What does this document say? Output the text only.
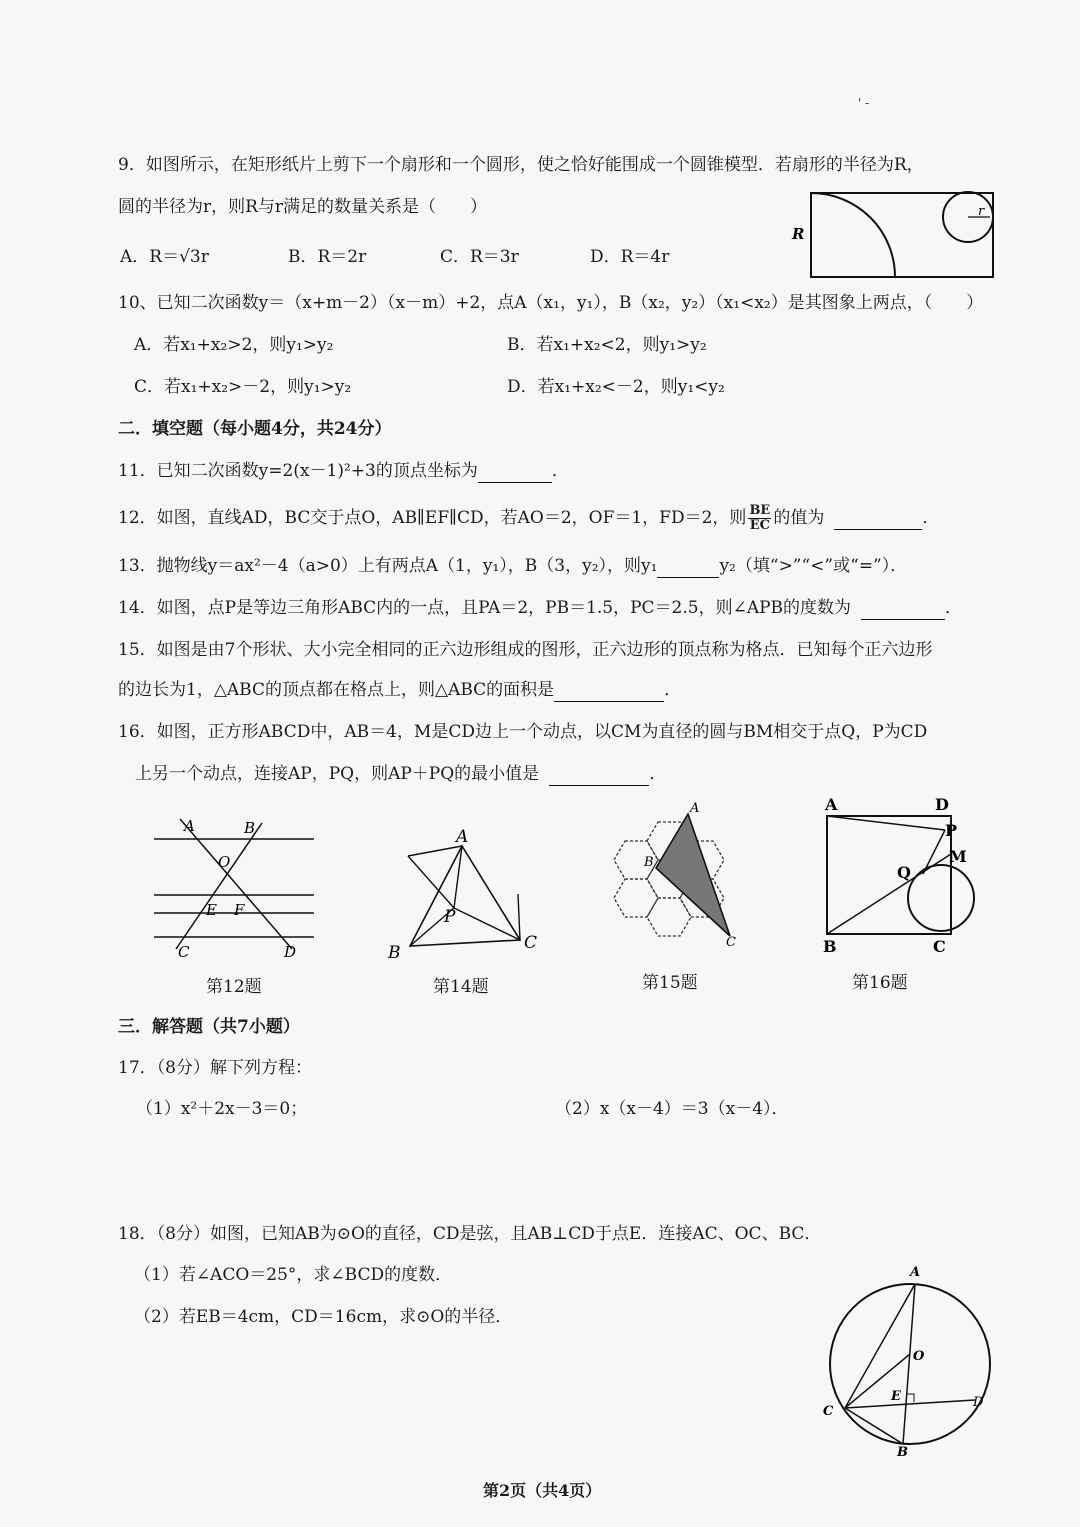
' -
9．如图所示，在矩形纸片上剪下一个扇形和一个圆形，使之恰好能围成一个圆锥模型．若扇形的半径为R，
圆的半径为r，则R与r满足的数量关系是（　　）
A．R＝√3r	B．R＝2r	C．R＝3r	D．R＝4r
R
r
10、已知二次函数y＝（x+m－2）（x－m）+2，点A（x₁，y₁），B（x₂，y₂）（x₁<x₂）是其图象上两点，（　　）
A．若x₁+x₂>2，则y₁>y₂	B．若x₁+x₂<2，则y₁>y₂
C．若x₁+x₂>－2，则y₁>y₂	D．若x₁+x₂<－2，则y₁<y₂
二．填空题（每小题4分，共24分）
11．已知二次函数y=2(x－1)²+3的顶点坐标为	．
12．如图，直线AD，BC交于点O，AB∥EF∥CD，若AO＝2，OF＝1，FD＝2，则 $\frac{BE}{EC}$ 的值为	．
13．抛物线y＝ax²－4（a>0）上有两点A（1，y₁），B（3，y₂），则y₁	y₂（填“>”“<”或“=”）．
14．如图，点P是等边三角形ABC内的一点，且PA＝2，PB＝1.5，PC＝2.5，则∠APB的度数为	．
15．如图是由7个形状、大小完全相同的正六边形组成的图形，正六边形的顶点称为格点．已知每个正六边形
的边长为1，△ABC的顶点都在格点上，则△ABC的面积是	．
16．如图，正方形ABCD中，AB＝4，M是CD边上一个动点，以CM为直径的圆与BM相交于点Q，P为CD
上另一个动点，连接AP，PQ，则AP＋PQ的最小值是	．
A	B
O
E F
C	D
第12题
A
P
B	C
第14题
A
B
C
第15题
A	D
P
M
Q
B	C
第16题
三．解答题（共7小题）
17．（8分）解下列方程：
（1）x²＋2x－3＝0；	（2）x（x－4）＝3（x－4）．
18．（8分）如图，已知AB为⊙O的直径，CD是弦，且AB⊥CD于点E．连接AC、OC、BC．
（1）若∠ACO＝25°，求∠BCD的度数．
（2）若EB＝4cm，CD＝16cm，求⊙O的半径．
A
O
E
C
D
B
第2页（共4页）
